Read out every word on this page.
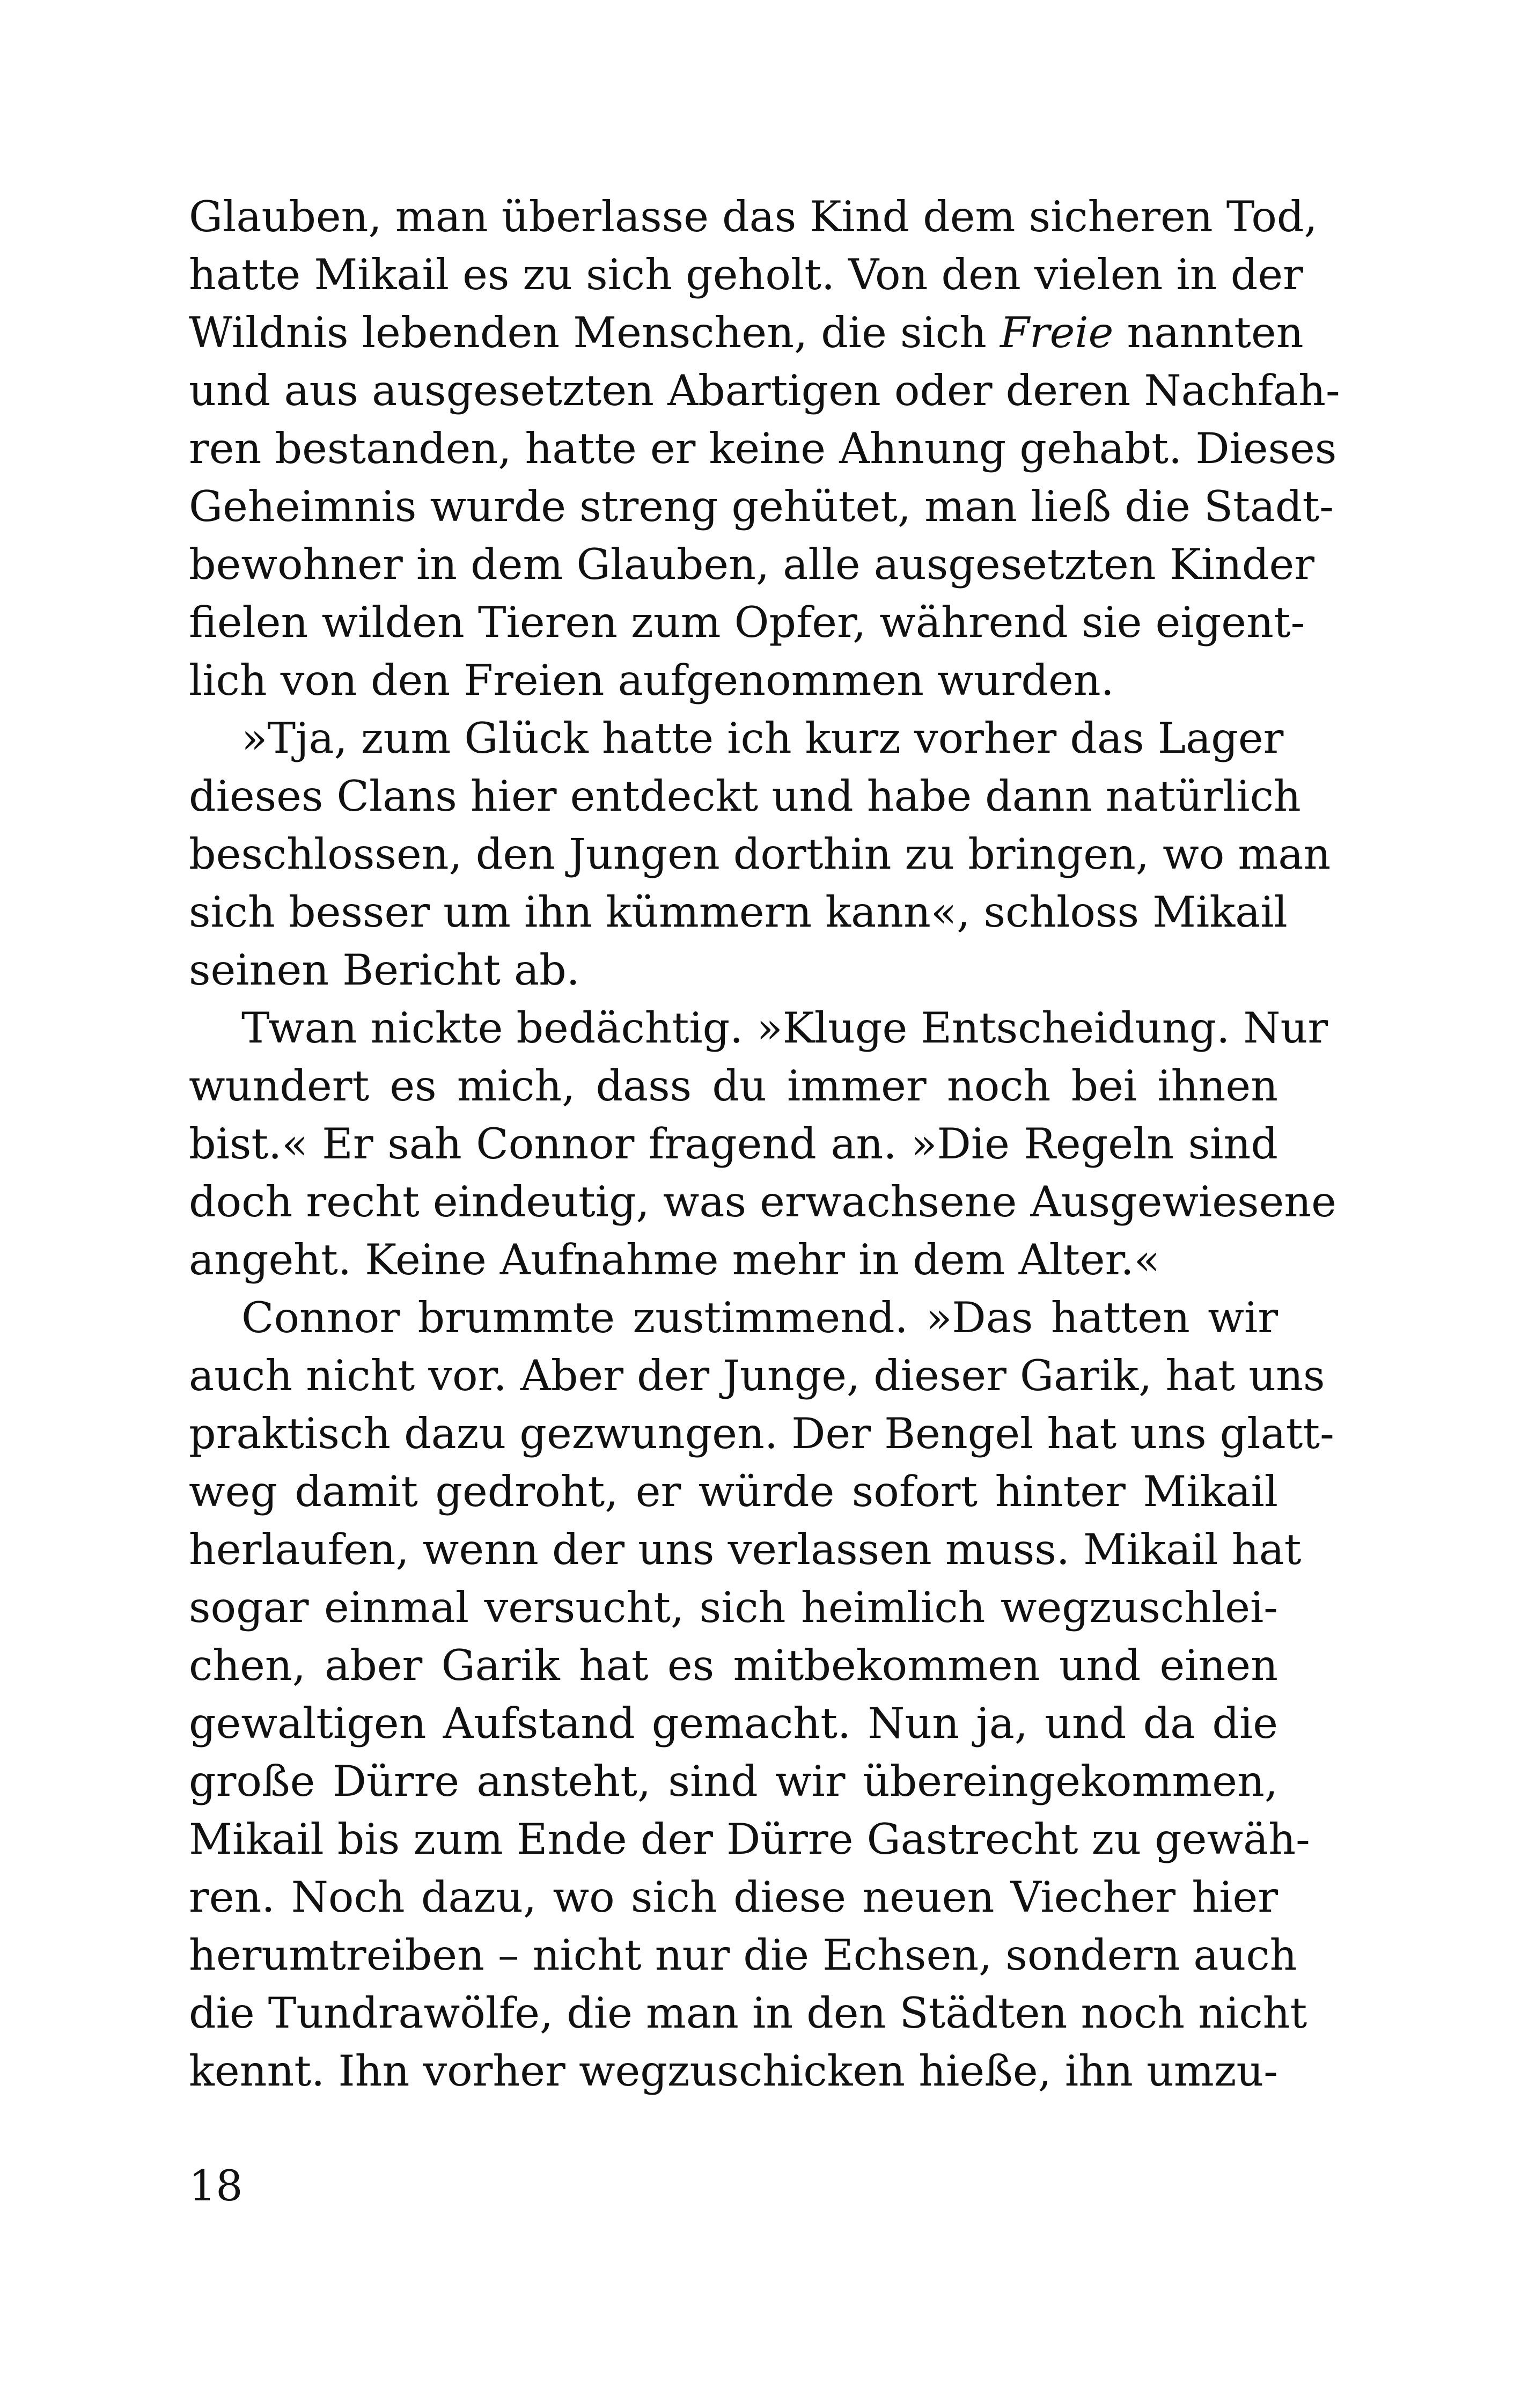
Glauben, man überlasse das Kind dem sicheren Tod,
hatte Mikail es zu sich geholt. Von den vielen in der
Wildnis lebenden Menschen, die sich Freie nannten
und aus ausgesetzten Abartigen oder deren Nachfah-
ren bestanden, hatte er keine Ahnung gehabt. Dieses
Geheimnis wurde streng gehütet, man ließ die Stadt-
bewohner in dem Glauben, alle ausgesetzten Kinder
fielen wilden Tieren zum Opfer, während sie eigent-
lich von den Freien aufgenommen wurden.
»Tja, zum Glück hatte ich kurz vorher das Lager
dieses Clans hier entdeckt und habe dann natürlich
beschlossen, den Jungen dorthin zu bringen, wo man
sich besser um ihn kümmern kann«, schloss Mikail
seinen Bericht ab.
Twan nickte bedächtig. »Kluge Entscheidung. Nur
wundert es mich, dass du immer noch bei ihnen
bist.« Er sah Connor fragend an. »Die Regeln sind
doch recht eindeutig, was erwachsene Ausgewiesene
angeht. Keine Aufnahme mehr in dem Alter.«
Connor brummte zustimmend. »Das hatten wir
auch nicht vor. Aber der Junge, dieser Garik, hat uns
praktisch dazu gezwungen. Der Bengel hat uns glatt-
weg damit gedroht, er würde sofort hinter Mikail
herlaufen, wenn der uns verlassen muss. Mikail hat
sogar einmal versucht, sich heimlich wegzuschlei-
chen, aber Garik hat es mitbekommen und einen
gewaltigen Aufstand gemacht. Nun ja, und da die
große Dürre ansteht, sind wir übereingekommen,
Mikail bis zum Ende der Dürre Gastrecht zu gewäh-
ren. Noch dazu, wo sich diese neuen Viecher hier
herumtreiben – nicht nur die Echsen, sondern auch
die Tundrawölfe, die man in den Städten noch nicht
kennt. Ihn vorher wegzuschicken hieße, ihn umzu-
18
